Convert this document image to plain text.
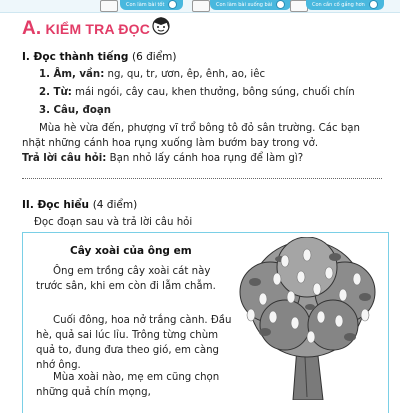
Con làm bài tốt	Con làm bài xuống bài	Con cần cố gắng hơn
A. KIỂM TRA ĐỌC
I. Đọc thành tiếng (6 điểm)
1. Âm, vần: ng, qu, tr, ươn, êp, ênh, ao, iêc
2. Từ: mái ngói, cây cau, khen thưởng, bông súng, chuối chín
3. Câu, đoạn
Mùa hè vừa đến, phượng vĩ trổ bông tô đỏ sân trường. Các bạn nhặt những cánh hoa rụng xuống làm bướm bay trong vở.
Trả lời câu hỏi: Bạn nhỏ lấy cánh hoa rụng để làm gì?
II. Đọc hiểu (4 điểm)
Đọc đoạn sau và trả lời câu hỏi
Cây xoài của ông em
Ông em trồng cây xoài cát này trước sân, khi em còn đi lẫm chẫm.
Cuối đông, hoa nở trắng cành. Đầu hè, quả sai lúc lỉu. Trông từng chùm quả to, đung đưa theo gió, em càng nhớ ông.
Mùa xoài nào, mẹ em cũng chọn những quả chín mọng,
